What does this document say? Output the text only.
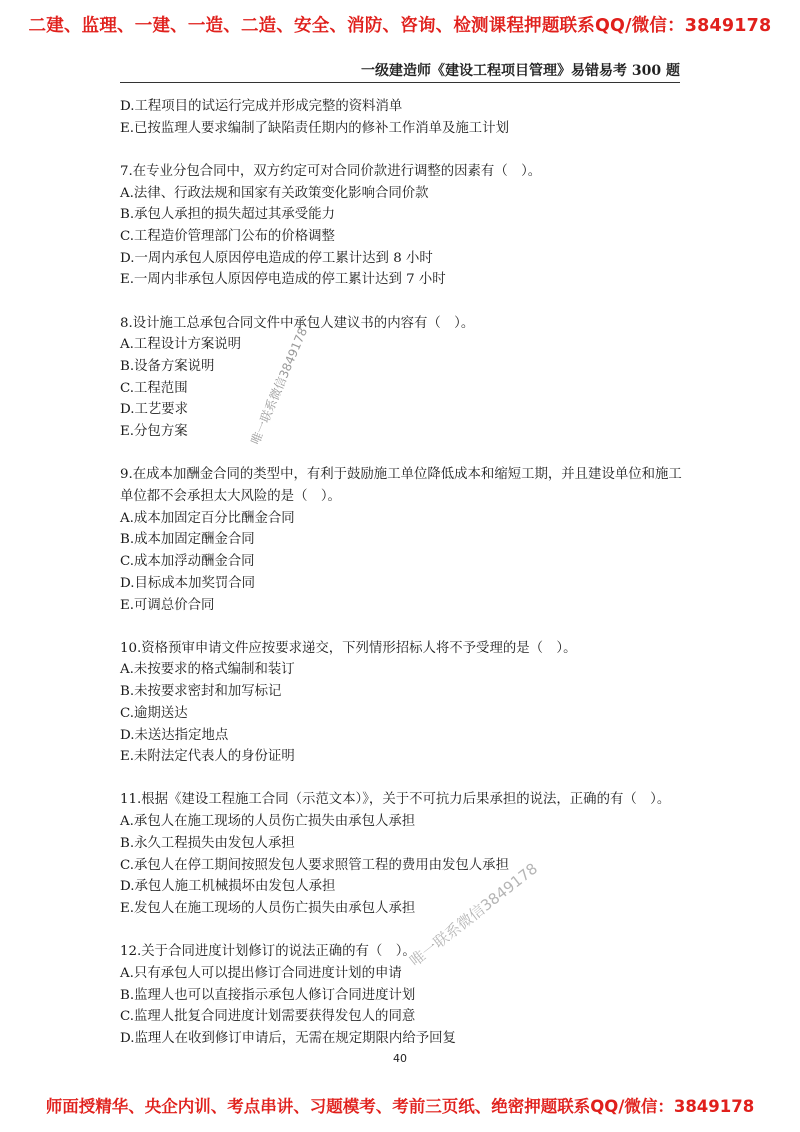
二建、监理、一建、一造、二造、安全、消防、咨询、检测课程押题联系QQ/微信：3849178
一级建造师《建设工程项目管理》易错易考 300 题
D.工程项目的试运行完成并形成完整的资料消单
E.已按监理人要求编制了缺陷责任期内的修补工作消单及施工计划
7.在专业分包合同中，双方约定可对合同价款进行调整的因素有（　）。
A.法律、行政法规和国家有关政策变化影响合同价款
B.承包人承担的损失超过其承受能力
C.工程造价管理部门公布的价格调整
D.一周内承包人原因停电造成的停工累计达到 8 小时
E.一周内非承包人原因停电造成的停工累计达到 7 小时
8.设计施工总承包合同文件中承包人建议书的内容有（　）。
A.工程设计方案说明
B.设备方案说明
C.工程范围
D.工艺要求
E.分包方案
9.在成本加酬金合同的类型中，有利于鼓励施工单位降低成本和缩短工期，并且建设单位和施工单位都不会承担太大风险的是（　）。
A.成本加固定百分比酬金合同
B.成本加固定酬金合同
C.成本加浮动酬金合同
D.目标成本加奖罚合同
E.可调总价合同
10.资格预审申请文件应按要求递交，下列情形招标人将不予受理的是（　）。
A.未按要求的格式编制和装订
B.未按要求密封和加写标记
C.逾期送达
D.未送达指定地点
E.未附法定代表人的身份证明
11.根据《建设工程施工合同（示范文本）》，关于不可抗力后果承担的说法，正确的有（　）。
A.承包人在施工现场的人员伤亡损失由承包人承担
B.永久工程损失由发包人承担
C.承包人在停工期间按照发包人要求照管工程的费用由发包人承担
D.承包人施工机械损坏由发包人承担
E.发包人在施工现场的人员伤亡损失由承包人承担
12.关于合同进度计划修订的说法正确的有（　）。
A.只有承包人可以提出修订合同进度计划的申请
B.监理人也可以直接指示承包人修订合同进度计划
C.监理人批复合同进度计划需要获得发包人的同意
D.监理人在收到修订申请后，无需在规定期限内给予回复
唯一联系微信3849178
唯一联系微信3849178
40
师面授精华、央企内训、考点串讲、习题模考、考前三页纸、绝密押题联系QQ/微信：3849178
